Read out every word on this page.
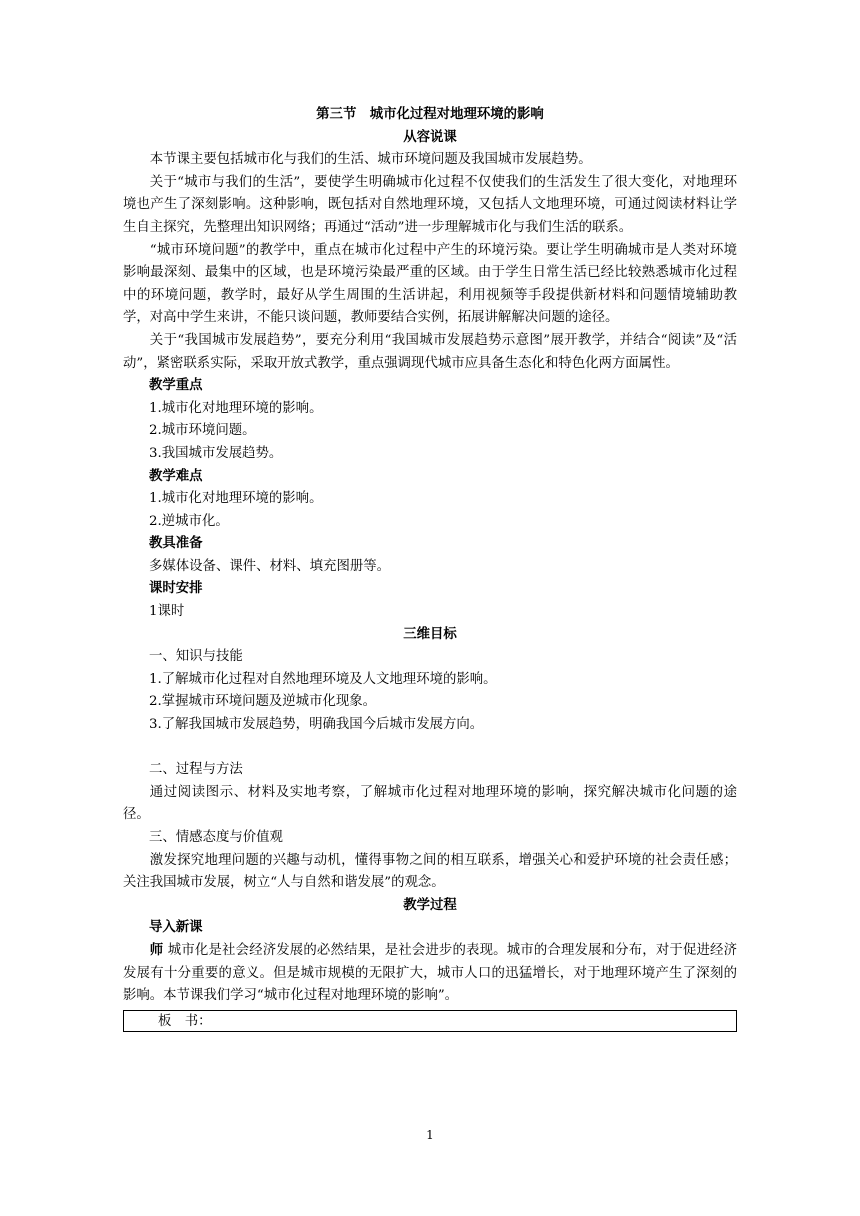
第三节　城市化过程对地理环境的影响

从容说课

本节课主要包括城市化与我们的生活、城市环境问题及我国城市发展趋势。

关于“城市与我们的生活”，要使学生明确城市化过程不仅使我们的生活发生了很大变化，对地理环境也产生了深刻影响。这种影响，既包括对自然地理环境，又包括人文地理环境，可通过阅读材料让学生自主探究，先整理出知识网络；再通过“活动”进一步理解城市化与我们生活的联系。

“城市环境问题”的教学中，重点在城市化过程中产生的环境污染。要让学生明确城市是人类对环境影响最深刻、最集中的区域，也是环境污染最严重的区域。由于学生日常生活已经比较熟悉城市化过程中的环境问题，教学时，最好从学生周围的生活讲起，利用视频等手段提供新材料和问题情境辅助教学，对高中学生来讲，不能只谈问题，教师要结合实例，拓展讲解解决问题的途径。

关于“我国城市发展趋势”，要充分利用“我国城市发展趋势示意图”展开教学，并结合“阅读”及“活动”，紧密联系实际，采取开放式教学，重点强调现代城市应具备生态化和特色化两方面属性。

教学重点

1.城市化对地理环境的影响。

2.城市环境问题。

3.我国城市发展趋势。

教学难点

1.城市化对地理环境的影响。

2.逆城市化。

教具准备

多媒体设备、课件、材料、填充图册等。

课时安排

1课时

三维目标

一、知识与技能

1.了解城市化过程对自然地理环境及人文地理环境的影响。

2.掌握城市环境问题及逆城市化现象。

3.了解我国城市发展趋势，明确我国今后城市发展方向。

二、过程与方法

通过阅读图示、材料及实地考察，了解城市化过程对地理环境的影响，探究解决城市化问题的途径。

三、情感态度与价值观

激发探究地理问题的兴趣与动机，懂得事物之间的相互联系，增强关心和爱护环境的社会责任感；关注我国城市发展，树立“人与自然和谐发展”的观念。

教学过程

导入新课

师 城市化是社会经济发展的必然结果，是社会进步的表现。城市的合理发展和分布，对于促进经济发展有十分重要的意义。但是城市规模的无限扩大，城市人口的迅猛增长，对于地理环境产生了深刻的影响。本节课我们学习“城市化过程对地理环境的影响”。

板　书：
1
